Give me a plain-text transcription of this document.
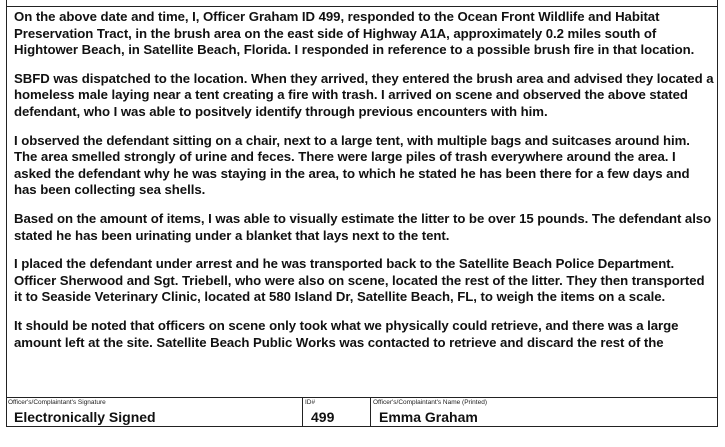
On the above date and time, I, Officer Graham ID 499, responded to the Ocean Front Wildlife and Habitat Preservation Tract, in the brush area on the east side of Highway A1A, approximately 0.2 miles south of Hightower Beach, in Satellite Beach, Florida. I responded in reference to a possible brush fire in that location.

SBFD was dispatched to the location. When they arrived, they entered the brush area and advised they located a homeless male laying near a tent creating a fire with trash. I arrived on scene and observed the above stated defendant, who I was able to positvely identify through previous encounters with him.

I observed the defendant sitting on a chair, next to a large tent, with multiple bags and suitcases around him. The area smelled strongly of urine and feces. There were large piles of trash everywhere around the area. I asked the defendant why he was staying in the area, to which he stated he has been there for a few days and has been collecting sea shells.

Based on the amount of items, I was able to visually estimate the litter to be over 15 pounds. The defendant also stated he has been urinating under a blanket that lays next to the tent.

I placed the defendant under arrest and he was transported back to the Satellite Beach Police Department. Officer Sherwood and Sgt. Triebell, who were also on scene, located the rest of the litter. They then transported it to Seaside Veterinary Clinic, located at 580 Island Dr, Satellite Beach, FL, to weigh the items on a scale.

It should be noted that officers on scene only took what we physically could retrieve, and there was a large amount left at the site. Satellite Beach Public Works was contacted to retrieve and discard the rest of the

Officer's/Complaintant's Signature
Electronically Signed
ID#
499
Officer's/Complaintant's Name (Printed)
Emma Graham
